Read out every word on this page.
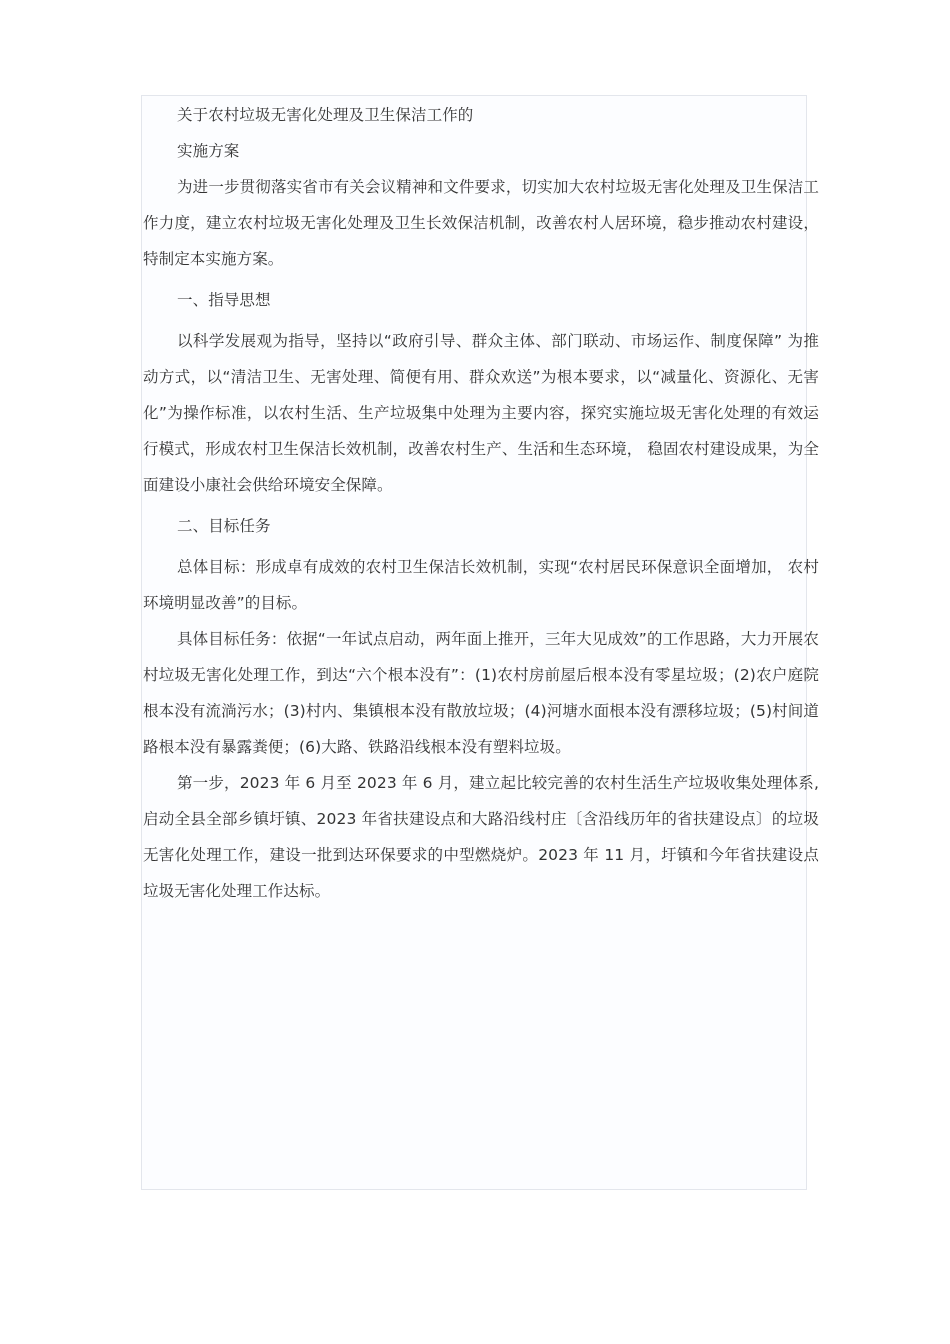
关于农村垃圾无害化处理及卫生保洁工作的

实施方案

为进一步贯彻落实省市有关会议精神和文件要求，切实加大农村垃圾无害化处理及卫生保洁工作力度，建立农村垃圾无害化处理及卫生长效保洁机制，改善农村人居环境，稳步推动农村建设，特制定本实施方案。

一、指导思想

以科学发展观为指导，坚持以“政府引导、群众主体、部门联动、市场运作、制度保障” 为推动方式，以“清洁卫生、无害处理、简便有用、群众欢送”为根本要求，以“减量化、资源化、无害化”为操作标准，以农村生活、生产垃圾集中处理为主要内容，探究实施垃圾无害化处理的有效运行模式，形成农村卫生保洁长效机制，改善农村生产、生活和生态环境， 稳固农村建设成果，为全面建设小康社会供给环境安全保障。

二、目标任务

总体目标：形成卓有成效的农村卫生保洁长效机制，实现“农村居民环保意识全面增加， 农村环境明显改善”的目标。

具体目标任务：依据“一年试点启动，两年面上推开，三年大见成效”的工作思路，大力开展农村垃圾无害化处理工作，到达“六个根本没有”：(1)农村房前屋后根本没有零星垃圾；(2)农户庭院根本没有流淌污水；(3)村内、集镇根本没有散放垃圾；(4)河塘水面根本没有漂移垃圾；(5)村间道路根本没有暴露粪便；(6)大路、铁路沿线根本没有塑料垃圾。

第一步，2023 年 6 月至 2023 年 6 月，建立起比较完善的农村生活生产垃圾收集处理体系,启动全县全部乡镇圩镇、2023 年省扶建设点和大路沿线村庄〔含沿线历年的省扶建设点〕的垃圾无害化处理工作，建设一批到达环保要求的中型燃烧炉。2023 年 11 月，圩镇和今年省扶建设点垃圾无害化处理工作达标。
